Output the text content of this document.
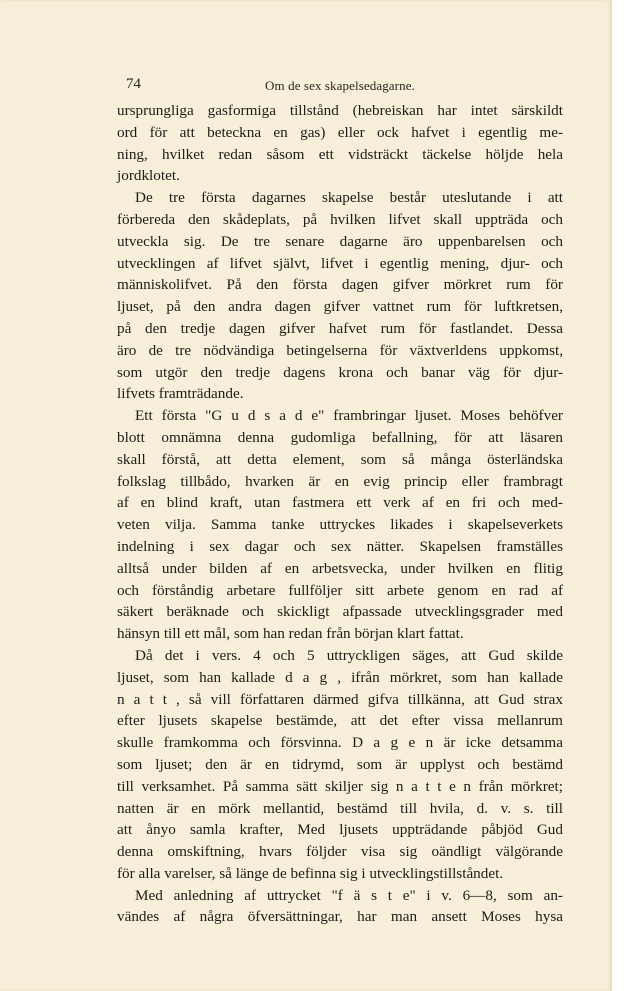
74	Om de sex skapelsedagarne.
ursprungliga gasformiga tillstånd (hebreiskan har intet särskildt
ord för att beteckna en gas) eller ock hafvet i egentlig me-
ning, hvilket redan såsom ett vidsträckt täckelse höljde hela
jordklotet.
De tre första dagarnes skapelse består uteslutande i att
förbereda den skådeplats, på hvilken lifvet skall uppträda och
utveckla sig. De tre senare dagarne äro uppenbarelsen och
utvecklingen af lifvet självt, lifvet i egentlig mening, djur- och
människolifvet. På den första dagen gifver mörkret rum för
ljuset, på den andra dagen gifver vattnet rum för luftkretsen,
på den tredje dagen gifver hafvet rum för fastlandet. Dessa
äro de tre nödvändiga betingelserna för växtverldens uppkomst,
som utgör den tredje dagens krona och banar väg för djur-
lifvets framträdande.
Ett första "G u d s a d e" frambringar ljuset. Moses behöfver
blott omnämna denna gudomliga befallning, för att läsaren
skall förstå, att detta element, som så många österländska
folkslag tillbådo, hvarken är en evig princip eller frambragt
af en blind kraft, utan fastmera ett verk af en fri och med-
veten vilja. Samma tanke uttryckes likades i skapelseverkets
indelning i sex dagar och sex nätter. Skapelsen framställes
alltså under bilden af en arbetsvecka, under hvilken en flitig
och förståndig arbetare fullföljer sitt arbete genom en rad af
säkert beräknade och skickligt afpassade utvecklingsgrader med
hänsyn till ett mål, som han redan från början klart fattat.
Då det i vers. 4 och 5 uttryckligen säges, att Gud skilde
ljuset, som han kallade d a g , ifrån mörkret, som han kallade
n a t t , så vill författaren därmed gifva tillkänna, att Gud strax
efter ljusets skapelse bestämde, att det efter vissa mellanrum
skulle framkomma och försvinna. D a g e n är icke detsamma
som ljuset; den är en tidrymd, som är upplyst och bestämd
till verksamhet. På samma sätt skiljer sig n a t t e n från mörkret;
natten är en mörk mellantid, bestämd till hvila, d. v. s. till
att ånyo samla krafter, Med ljusets uppträdande påbjöd Gud
denna omskiftning, hvars följder visa sig oändligt välgörande
för alla varelser, så länge de befinna sig i utvecklingstillståndet.
Med anledning af uttrycket "f ä s t e" i v. 6—8, som an-
vändes af några öfversättningar, har man ansett Moses hysa
